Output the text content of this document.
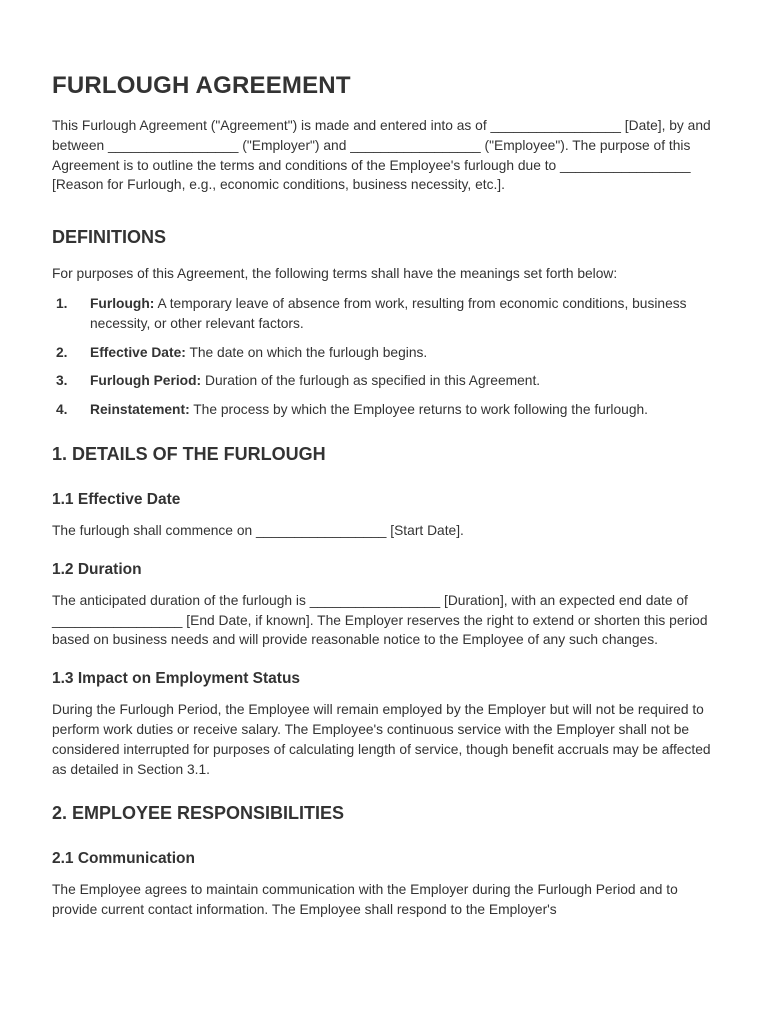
FURLOUGH AGREEMENT

This Furlough Agreement ("Agreement") is made and entered into as of _________________ [Date], by and between _________________ ("Employer") and _________________ ("Employee"). The purpose of this Agreement is to outline the terms and conditions of the Employee's furlough due to _________________ [Reason for Furlough, e.g., economic conditions, business necessity, etc.].

DEFINITIONS

For purposes of this Agreement, the following terms shall have the meanings set forth below:

1. Furlough: A temporary leave of absence from work, resulting from economic conditions, business necessity, or other relevant factors.
2. Effective Date: The date on which the furlough begins.
3. Furlough Period: Duration of the furlough as specified in this Agreement.
4. Reinstatement: The process by which the Employee returns to work following the furlough.
1. DETAILS OF THE FURLOUGH
1.1 Effective Date

The furlough shall commence on _________________ [Start Date].

1.2 Duration

The anticipated duration of the furlough is _________________ [Duration], with an expected end date of _________________ [End Date, if known]. The Employer reserves the right to extend or shorten this period based on business needs and will provide reasonable notice to the Employee of any such changes.

1.3 Impact on Employment Status

During the Furlough Period, the Employee will remain employed by the Employer but will not be required to perform work duties or receive salary. The Employee's continuous service with the Employer shall not be considered interrupted for purposes of calculating length of service, though benefit accruals may be affected as detailed in Section 3.1.

2. EMPLOYEE RESPONSIBILITIES
2.1 Communication

The Employee agrees to maintain communication with the Employer during the Furlough Period and to provide current contact information. The Employee shall respond to the Employer's
